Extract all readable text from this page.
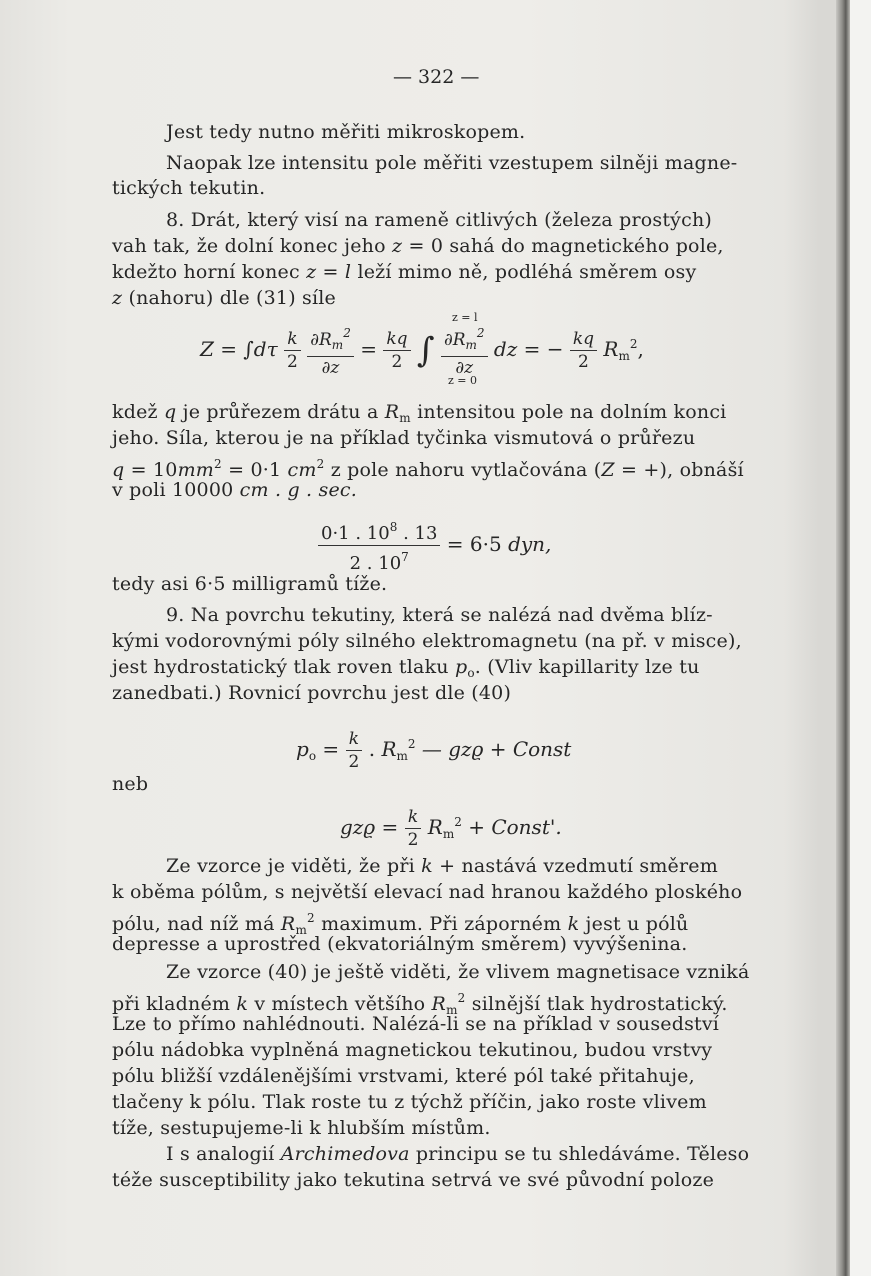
— 322 —
Jest tedy nutno měřiti mikroskopem.
Naopak lze intensitu pole měřiti vzestupem silněji magne-
tických tekutin.
8. Drát, který visí na rameně citlivých (železa prostých)
vah tak, že dolní konec jeho z = 0 sahá do magnetického pole,
kdežto horní konec z = l leží mimo ně, podléhá směrem osy
z (nahoru) dle (31) síle
z = l
z = 0
$Z = \int d\tau \frac{k}{2}$
$\frac{\partial R_m^2}{\partial z} = \frac{kq}{2}$ ∫ $\frac{\partial R_m^2}{\partial z}$ dz = − $\frac{kq}{2} R_m^2$,
kdež q je průřezem drátu a $R_m$ intensitou pole na dolním konci
jeho. Síla, kterou je na příklad tyčinka vismutová o průřezu
$q = 10mm^2 = 0\cdot 1$ $cm^2$ z pole nahoru vytlačována (Z = +), obnáší
v poli 10000 cm . g . sec.
$\frac{0\cdot 1 . 10^8 . 13}{2 . 10^7} = 6\cdot 5$ dyn,
tedy asi 6·5 milligramů tíže.
9. Na povrchu tekutiny, která se nalézá nad dvěma blíz-
kými vodorovnými póly silného elektromagnetu (na př. v misce),
jest hydrostatický tlak roven tlaku $p_o$. (Vliv kapillarity lze tu
zanedbati.) Rovnicí povrchu jest dle (40)
$p_o = \frac{k}{2}$ . $R_m^2$ — gzϱ + Const
neb
$gzϱ = \frac{k}{2} R_m^2$ + Const'.
Ze vzorce je viděti, že při k + nastává vzedmutí směrem
k oběma pólům, s největší elevací nad hranou každého ploského
pólu, nad níž má $R_m^2$ maximum. Při záporném k jest u pólů
depresse a uprostřed (ekvatoriálným směrem) vyvýšenina.
Ze vzorce (40) je ještě viděti, že vlivem magnetisace vzniká
při kladném k v místech většího $R_m^2$ silnější tlak hydrostatický.
Lze to přímo nahlédnouti. Nalézá-li se na příklad v sousedství
pólu nádobka vyplněná magnetickou tekutinou, budou vrstvy
pólu bližší vzdálenějšími vrstvami, které pól také přitahuje,
tlačeny k pólu. Tlak roste tu z týchž příčin, jako roste vlivem
tíže, sestupujeme-li k hlubším místům.
I s analogií Archimedova principu se tu shledáváme. Těleso
téže susceptibility jako tekutina setrvá ve své původní poloze
